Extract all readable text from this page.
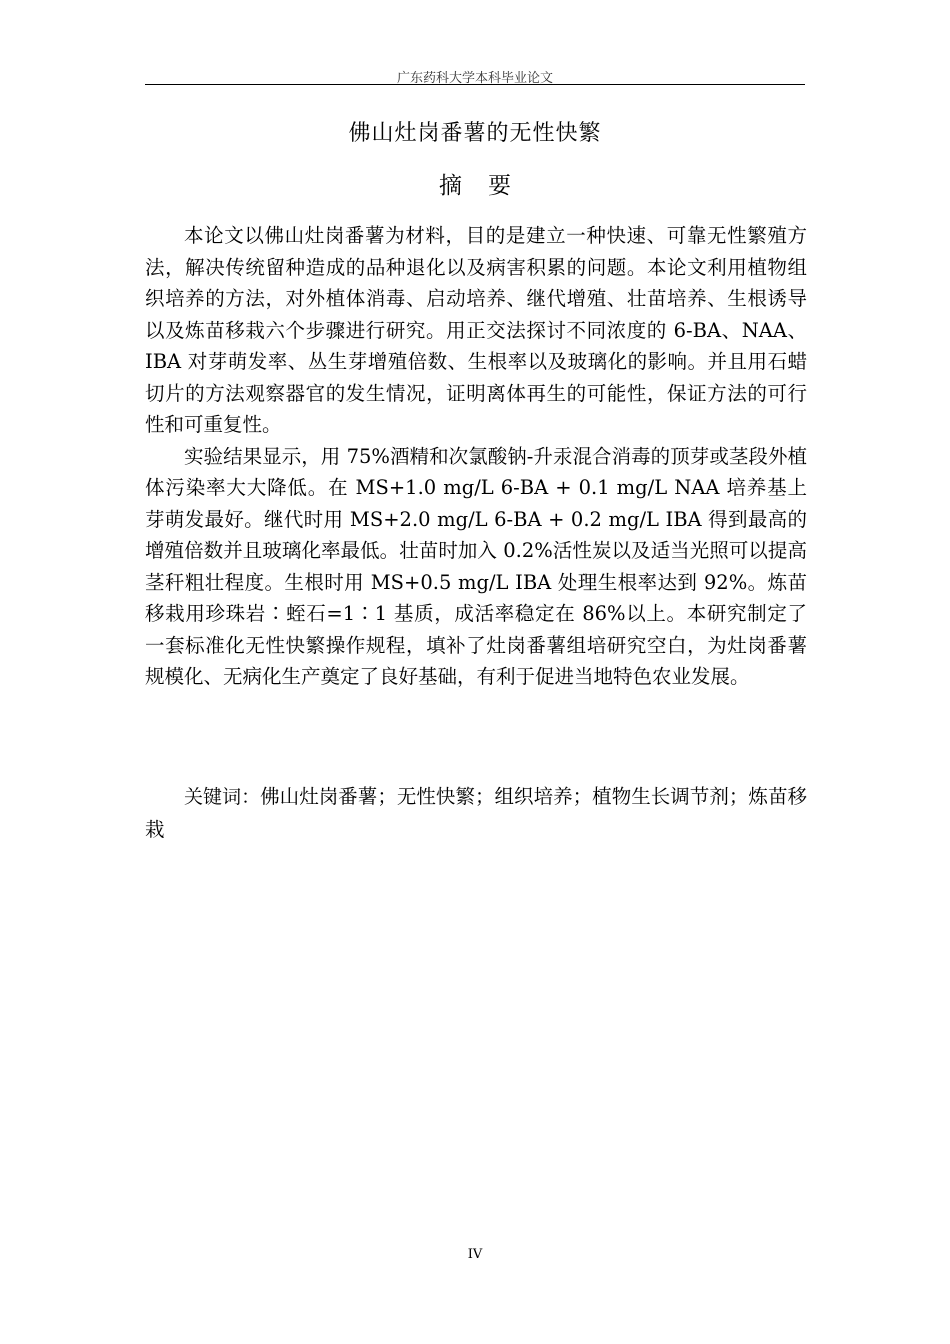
广东药科大学本科毕业论文
佛山灶岗番薯的无性快繁
摘要

本论文以佛山灶岗番薯为材料，目的是建立一种快速、可靠无性繁殖方法，解决传统留种造成的品种退化以及病害积累的问题。本论文利用植物组织培养的方法，对外植体消毒、启动培养、继代增殖、壮苗培养、生根诱导以及炼苗移栽六个步骤进行研究。用正交法探讨不同浓度的 6-BA、NAA、IBA 对芽萌发率、丛生芽增殖倍数、生根率以及玻璃化的影响。并且用石蜡切片的方法观察器官的发生情况，证明离体再生的可能性，保证方法的可行性和可重复性。

实验结果显示，用 75%酒精和次氯酸钠-升汞混合消毒的顶芽或茎段外植体污染率大大降低。在 MS+1.0 mg/L 6-BA + 0.1 mg/L NAA 培养基上芽萌发最好。继代时用 MS+2.0 mg/L 6-BA + 0.2 mg/L IBA 得到最高的增殖倍数并且玻璃化率最低。壮苗时加入 0.2%活性炭以及适当光照可以提高茎秆粗壮程度。生根时用 MS+0.5 mg/L IBA 处理生根率达到 92%。炼苗移栽用珍珠岩∶蛭石=1∶1 基质，成活率稳定在 86%以上。本研究制定了一套标准化无性快繁操作规程，填补了灶岗番薯组培研究空白，为灶岗番薯规模化、无病化生产奠定了良好基础，有利于促进当地特色农业发展。

关键词：佛山灶岗番薯；无性快繁；组织培养；植物生长调节剂；炼苗移栽
IV
